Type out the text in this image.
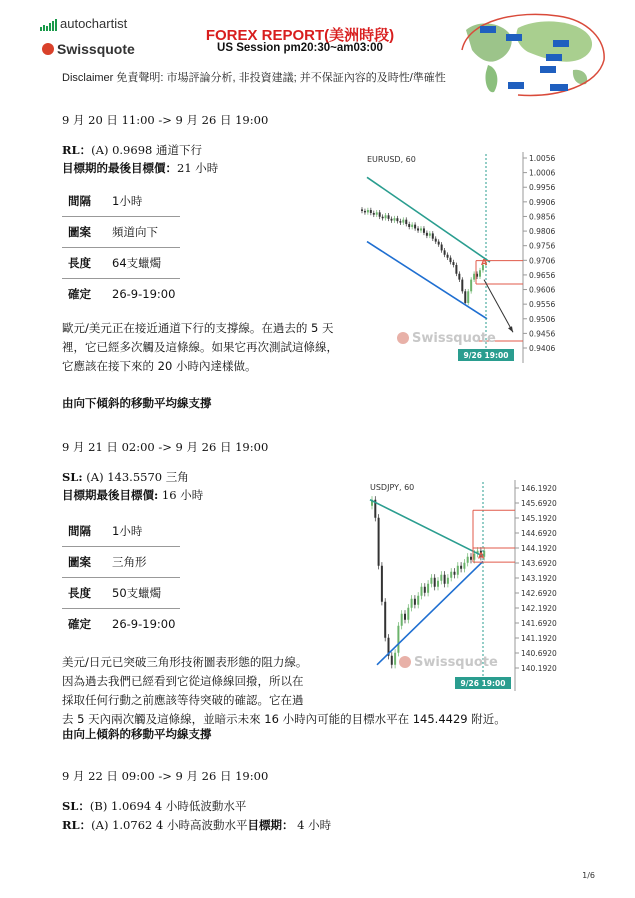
autochartist
Swissquote
FOREX REPORT(美洲時段)
US Session pm20:30~am03:00
Disclaimer 免責聲明: 市場評論分析, 非投資建議; 并不保証內容的及時性/準確性
9 月 20 日 11:00 -> 9 月 26 日 19:00
RL：(A) 0.9698 通道下行
目標期的最後目標價：21 小時
間隔	1小時
圖案	頻道向下
長度	64支蠟燭
確定	26-9-19:00
歐元/美元正在接近通道下行的支撐線。在過去的 5 天裡，它已經多次觸及這條線。如果它再次測試這條線，它應該在接下來的 20 小時內達樣做。
由向下傾斜的移動平均線支撐
1.0056
1.0006
0.9956
0.9906
0.9856
0.9806
0.9756
0.9706
0.9656
0.9606
0.9556
0.9506
0.9456
0.9406
EURUSD, 60
A
Swissquote
9/26 19:00
9 月 21 日 02:00 -> 9 月 26 日 19:00
SL: (A) 143.5570 三角
目標期最後目標價: 16 小時
間隔	1小時
圖案	三角形
長度	50支蠟燭
確定	26-9-19:00
美元/日元已突破三角形技術圖表形態的阻力線。
因為過去我們已經看到它從這條線回撥，所以在
採取任何行動之前應該等待突破的確認。它在過
去 5 天內兩次觸及這條線，並暗示未來 16 小時內可能的目標水平在 145.4429 附近。
由向上傾斜的移動平均線支撐
146.1920
145.6920
145.1920
144.6920
144.1920
143.6920
143.1920
142.6920
142.1920
141.6920
141.1920
140.6920
140.1920
USDJPY, 60
A
Swissquote
9/26 19:00
9 月 22 日 09:00 -> 9 月 26 日 19:00
SL：(B) 1.0694 4 小時低波動水平
RL：(A) 1.0762 4 小時高波動水平目標期： 4 小時
1/6
